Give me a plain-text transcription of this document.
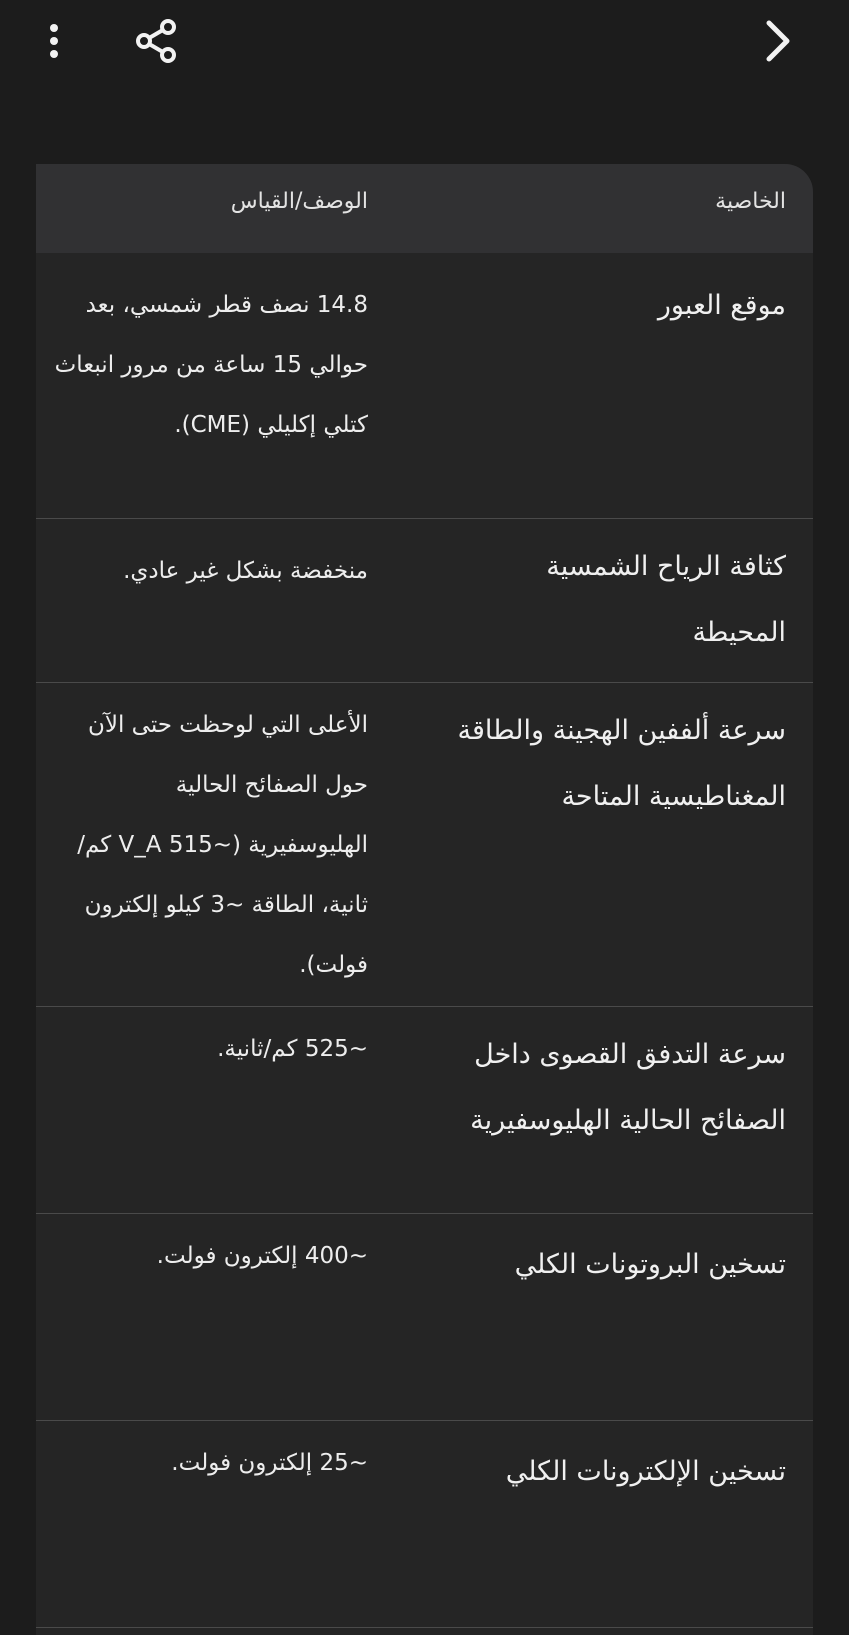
الخاصية
الوصف/القياس
موقع العبور
14.8 نصف قطر شمسي، بعد
حوالي 15 ساعة من مرور انبعاث
كتلي إكليلي (CME).
كثافة الرياح الشمسية المحيطة
منخفضة بشكل غير عادي.
سرعة ألففين الهجينة والطاقة المغناطيسية المتاحة
الأعلى التي لوحظت حتى الآن
حول الصفائح الحالية
الهليوسفيرية (~515 V_A كم/
ثانية، الطاقة ~3 كيلو إلكترون
فولت).
سرعة التدفق القصوى داخل الصفائح الحالية الهليوسفيرية
~525 كم/ثانية.
تسخين البروتونات الكلي
~400 إلكترون فولت.
تسخين الإلكترونات الكلي
~25 إلكترون فولت.
